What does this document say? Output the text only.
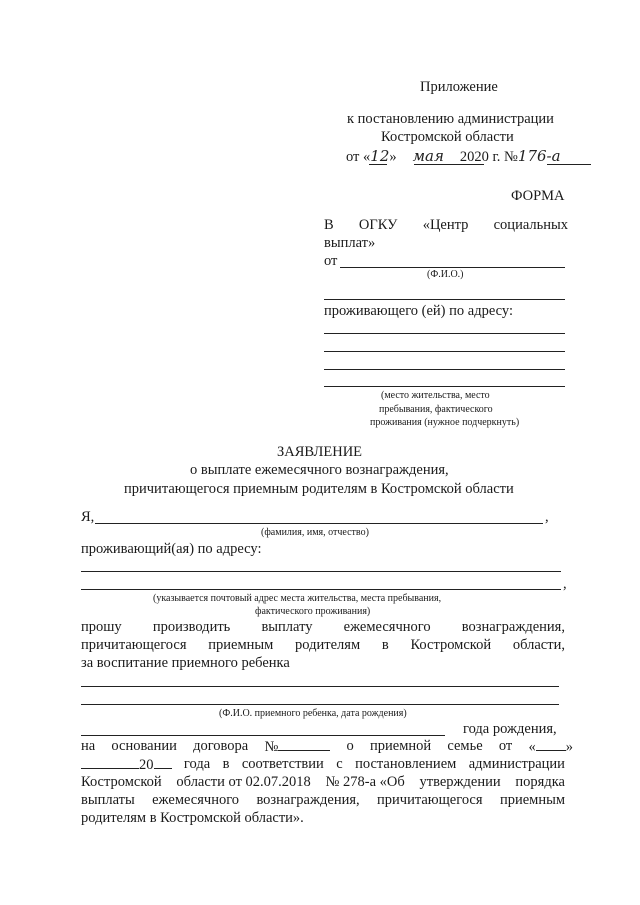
Приложение
к постановлению администрации
Костромской области
от «12» мая 2020 г. №176-а
ФОРМА
В ОГКУ «Центр социальных
выплат»
от
(Ф.И.О.)
проживающего (ей) по адресу:
(место жительства, место
пребывания, фактического
проживания (нужное подчеркнуть)
ЗАЯВЛЕНИЕ
о выплате ежемесячного вознаграждения,
причитающегося приемным родителям в Костромской области
Я,	,
(фамилия, имя, отчество)
проживающий(ая) по адресу:
,
(указывается почтовый адрес места жительства, места пребывания,
фактического проживания)
прошу производить выплату ежемесячного вознаграждения,
причитающегося приемным родителям в Костромской области,
за воспитание приемного ребенка
(Ф.И.О. приемного ребенка, дата рождения)
года рождения,
на основании договора №	о приемной семье от « »
20	года в соответствии с постановлением администрации
Костромской области от 02.07.2018 № 278-а «Об утверждении порядка
выплаты ежемесячного вознаграждения, причитающегося приемным
родителям в Костромской области».
